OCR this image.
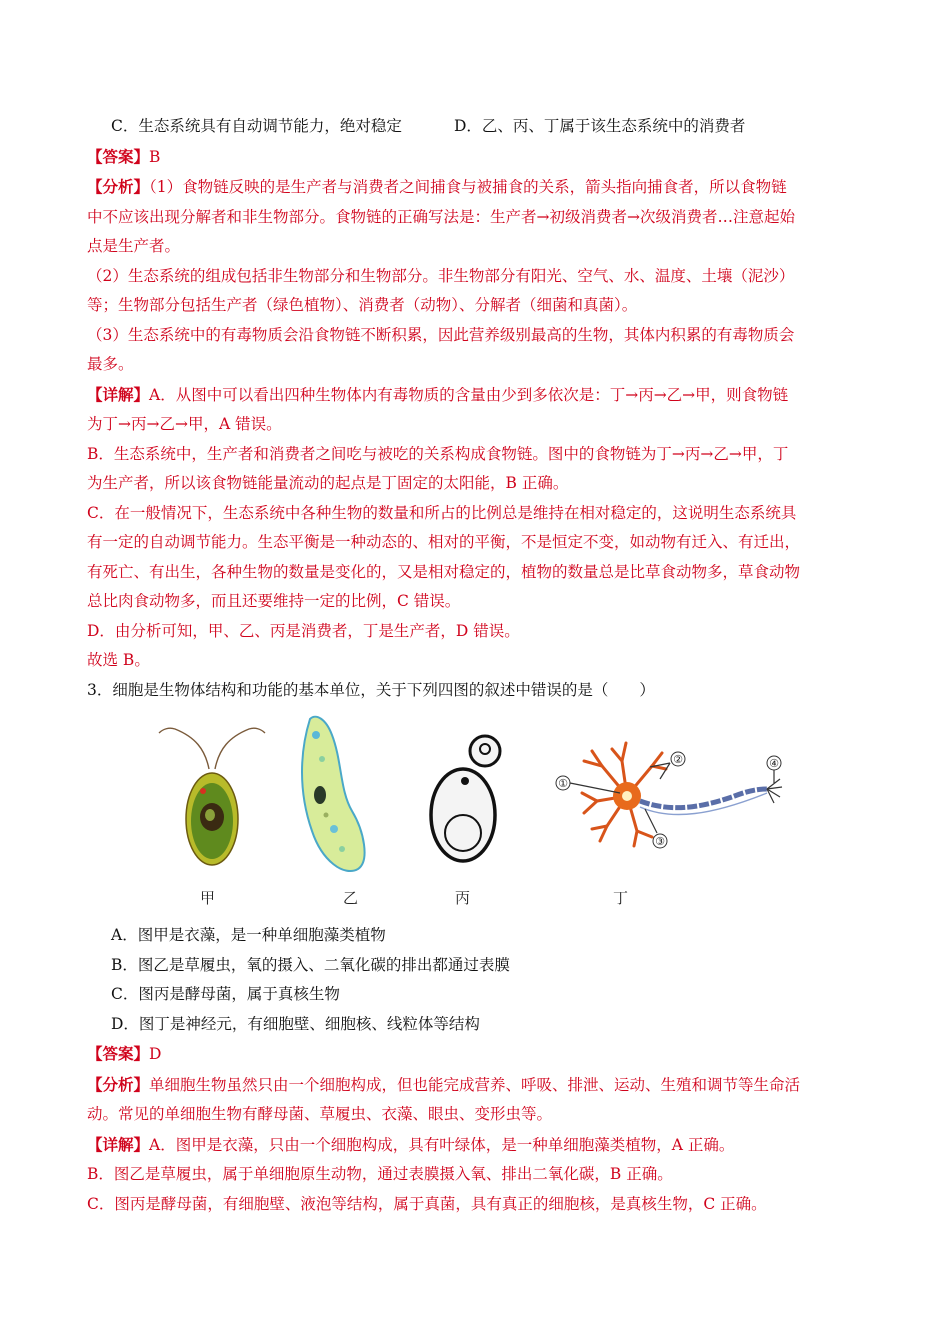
C．生态系统具有自动调节能力，绝对稳定	D．乙、丙、丁属于该生态系统中的消费者
【答案】B
【分析】（1）食物链反映的是生产者与消费者之间捕食与被捕食的关系，箭头指向捕食者，所以食物链
中不应该出现分解者和非生物部分。食物链的正确写法是：生产者→初级消费者→次级消费者…注意起始
点是生产者。
（2）生态系统的组成包括非生物部分和生物部分。非生物部分有阳光、空气、水、温度、土壤（泥沙）
等；生物部分包括生产者（绿色植物）、消费者（动物）、分解者（细菌和真菌）。
（3）生态系统中的有毒物质会沿食物链不断积累，因此营养级别最高的生物，其体内积累的有毒物质会
最多。
【详解】A．从图中可以看出四种生物体内有毒物质的含量由少到多依次是：丁→丙→乙→甲，则食物链
为丁→丙→乙→甲，A 错误。
B．生态系统中，生产者和消费者之间吃与被吃的关系构成食物链。图中的食物链为丁→丙→乙→甲，丁
为生产者，所以该食物链能量流动的起点是丁固定的太阳能，B 正确。
C．在一般情况下，生态系统中各种生物的数量和所占的比例总是维持在相对稳定的，这说明生态系统具
有一定的自动调节能力。生态平衡是一种动态的、相对的平衡，不是恒定不变，如动物有迁入、有迁出，
有死亡、有出生，各种生物的数量是变化的，又是相对稳定的，植物的数量总是比草食动物多，草食动物
总比肉食动物多，而且还要维持一定的比例，C 错误。
D．由分析可知，甲、乙、丙是消费者，丁是生产者，D 错误。
故选 B。
3．细胞是生物体结构和功能的基本单位，关于下列四图的叙述中错误的是（　　）
④
①
②
③
甲	乙	丙	丁
A．图甲是衣藻，是一种单细胞藻类植物
B．图乙是草履虫，氧的摄入、二氧化碳的排出都通过表膜
C．图丙是酵母菌，属于真核生物
D．图丁是神经元，有细胞壁、细胞核、线粒体等结构
【答案】D
【分析】单细胞生物虽然只由一个细胞构成，但也能完成营养、呼吸、排泄、运动、生殖和调节等生命活
动。常见的单细胞生物有酵母菌、草履虫、衣藻、眼虫、变形虫等。
【详解】A．图甲是衣藻，只由一个细胞构成，具有叶绿体，是一种单细胞藻类植物，A 正确。
B．图乙是草履虫，属于单细胞原生动物，通过表膜摄入氧、排出二氧化碳，B 正确。
C．图丙是酵母菌，有细胞壁、液泡等结构，属于真菌，具有真正的细胞核，是真核生物，C 正确。
